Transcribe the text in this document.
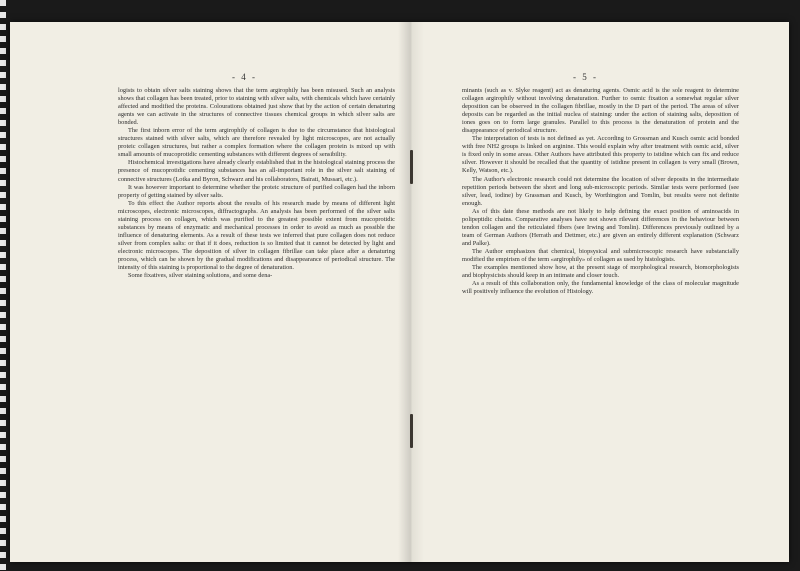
- 4 -	- 5 -

logists to obtain silver salts staining shows that the term argirophily has been misused. Such an analysis shows that collagen has been treated, prior to staining with silver salts, with chemicals which have certainly affected and modified the proteins. Colourations obtained just show that by the action of certain denaturing agents we can activate in the structures of connective tissues chemical groups in which silver salts are bonded.

The first inborn error of the term argirophily of collagen is due to the circumstance that histological structures stained with silver salts, which are therefore revealed by light microscopes, are not actually proteic collagen structures, but rather a complex formation where the collagen protein is mixed up with small amounts of mucoprotidic cementing substances with different degrees of sensibility.

Histochemical investigations have already clearly established that in the histological staining process the presence of mucoprotidic cementing substances has an all-important role in the silver salt staining of connective structures (Lotka and Byron, Schwarz and his collaborators, Bairati, Mussari, etc.).

It was however important to determine whether the proteic structure of purified collagen had the inborn property of getting stained by silver salts.

To this effect the Author reports about the results of his research made by means of different light microscopes, electronic microscopes, diffractographs. An analysis has been performed of the silver salts staining process on collagen, which was purified to the greatest possible extent from mucoprotidic substances by means of enzymatic and mechanical processes in order to avoid as much as possible the influence of denaturing elements. As a result of these tests we inferred that pure collagen does not reduce silver from complex salts: or that if it does, reduction is so limited that it cannot be detected by light and electronic microscopes. The deposition of silver in collagen fibrillae can take place after a denaturing process, which can be shown by the gradual modifications and disappearance of periodical structure. The intensity of this staining is proportional to the degree of denaturation.

Some fixatives, silver staining solutions, and some dena-

minants (such as v. Slyke reagent) act as denaturing agents. Osmic acid is the sole reagent to determine collagen argirophily without involving denaturation. Further to osmic fixation a somewhat regular silver deposition can be observed in the collagen fibrillae, mostly in the D part of the period. The areas of silver deposits can be regarded as the initial nuclea of staining: under the action of staining salts, deposition of iones goes on to form large granules. Parallel to this process is the denaturation of protein and the disappearance of periodical structure.

The interpretation of tests is not defined as yet. According to Grossman and Kusch osmic acid bonded with free NH2 groups is linked on arginine. This would explain why after treatment with osmic acid, silver is fixed only in some areas. Other Authors have attributed this property to istidine which can fix and reduce silver. However it should be recalled that the quantity of istidine present in collagen is very small (Brown, Kelly, Watson, etc.).

The Author's electronic research could not determine the location of silver deposits in the intermediate repetition periods between the short and long sub-microscopic periods. Similar tests were performed (see silver, lead, iodine) by Grassman and Kusch, by Worthington and Tomlin, but results were not definite enough.

As of this date these methods are not likely to help defining the exact position of aminoacids in polipeptidic chains. Comparative analyses have not shown rilevant differences in the behaviour between tendon collagen and the reticulated fibers (see Irwing and Tomlin). Differences previously outlined by a team of German Authors (Herrath and Dettmer, etc.) are given an entirely different explanation (Schwarz and Palke).

The Author emphasizes that chemical, biopsysical and submicroscopic research have substancially modified the empirism of the term «argirophily» of collagen as used by histologists.

The examples mentioned show how, at the present stage of morphological research, biomorphologists and biophysicists should keep in an intimate and closer touch.

As a result of this collaboration only, the fundamental knowledge of the class of molecular magnitude will positively influence the evolution of Histology.
